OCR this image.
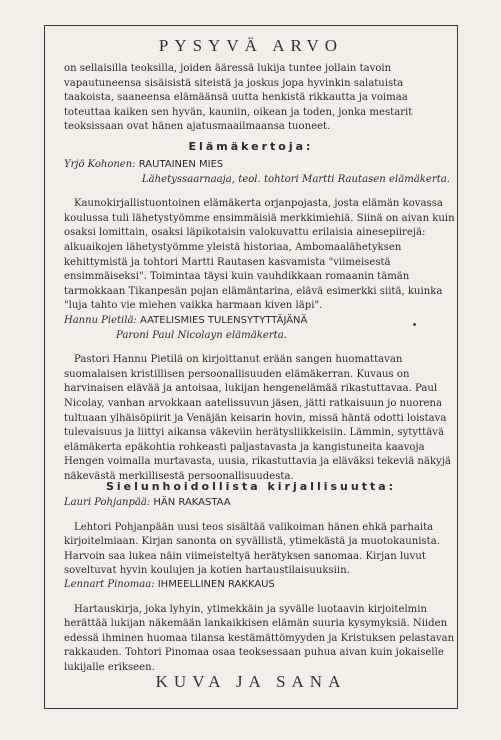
PYSYVÄ ARVO

on sellaisilla teoksilla, joiden ääressä lukija tuntee jollain tavoin vapautuneensa sisäisistä siteistä ja joskus jopa hyvinkin salatuista taakoista, saaneensa elämäänsä uutta henkistä rikkautta ja voimaa toteuttaa kaiken sen hyvän, kauniin, oikean ja toden, jonka mestarit teoksissaan ovat hänen ajatusmaailmaansa tuoneet.

Elämäkertoja:
Yrjö Kohonen: RAUTAINEN MIES
Lähetyssaarnaaja, teol. tohtori Martti Rautasen elämäkerta.

Kaunokirjallistuontoinen elämäkerta orjanpojasta, josta elämän kovassa koulussa tuli lähetystyömme ensimmäisiä merkkimiehiä. Siinä on aivan kuin osaksi lomittain, osaksi läpikotaisin valokuvattu erilaisia ainesepiirejä: alkuaikojen lähetystyömme yleistä historiaa, Ambomaalähetyksen kehittymistä ja tohtori Martti Rautasen kasvamista "viimeisestä ensimmäiseksi". Toimintaa täysi kuin vauhdikkaan romaanin tämän tarmokkaan Tikanpesän pojan elämäntarina, elävä esimerkki siitä, kuinka "luja tahto vie miehen vaikka harmaan kiven läpi".

Hannu Pietilä: AATELISMIES TULENSYTYTTÄJÄNÄ
Paroni Paul Nicolayn elämäkerta.

Pastori Hannu Pietilä on kirjoittanut erään sangen huomattavan suomalaisen kristillisen persoonallisuuden elämäkerran. Kuvaus on harvinaisen elävää ja antoisaa, lukijan hengenelämää rikastuttavaa. Paul Nicolay, vanhan arvokkaan aatelissuvun jäsen, jätti ratkaisuun jo nuorena tultuaan ylhäisöpiirit ja Venäjän keisarin hovin, missä häntä odotti loistava tulevaisuus ja liittyi aikansa väkeviin herätysliikkeisiin. Lämmin, sytyttävä elämäkerta epäkohtia rohkeasti paljastavasta ja kangistuneita kaavoja Hengen voimalla murtavasta, uusia, rikastuttavia ja eläväksi tekeviä näkyjä näkevästä merkillisestä persoonallisuudesta.

Sielunhoidollista kirjallisuutta:
Lauri Pohjanpää: HÄN RAKASTAA

Lehtori Pohjanpään uusi teos sisältää valikoiman hänen ehkä parhaita kirjoitelmiaan. Kirjan sanonta on syvällistä, ytimekästä ja muotokaunista. Harvoin saa lukea näin viimeisteltyä herätyksen sanomaa. Kirjan luvut soveltuvat hyvin koulujen ja kotien hartaustilaisuuksiin.

Lennart Pinomaa: IHMEELLINEN RAKKAUS

Hartauskirja, joka lyhyin, ytimekkäin ja syvälle luotaavin kirjoitelmin herättää lukijan näkemään lankaikkisen elämän suuria kysymyksiä. Niiden edessä ihminen huomaa tilansa kestämättömyyden ja Kristuksen pelastavan rakkauden. Tohtori Pinomaa osaa teoksessaan puhua aivan kuin jokaiselle lukijalle erikseen.

KUVA JA SANA
